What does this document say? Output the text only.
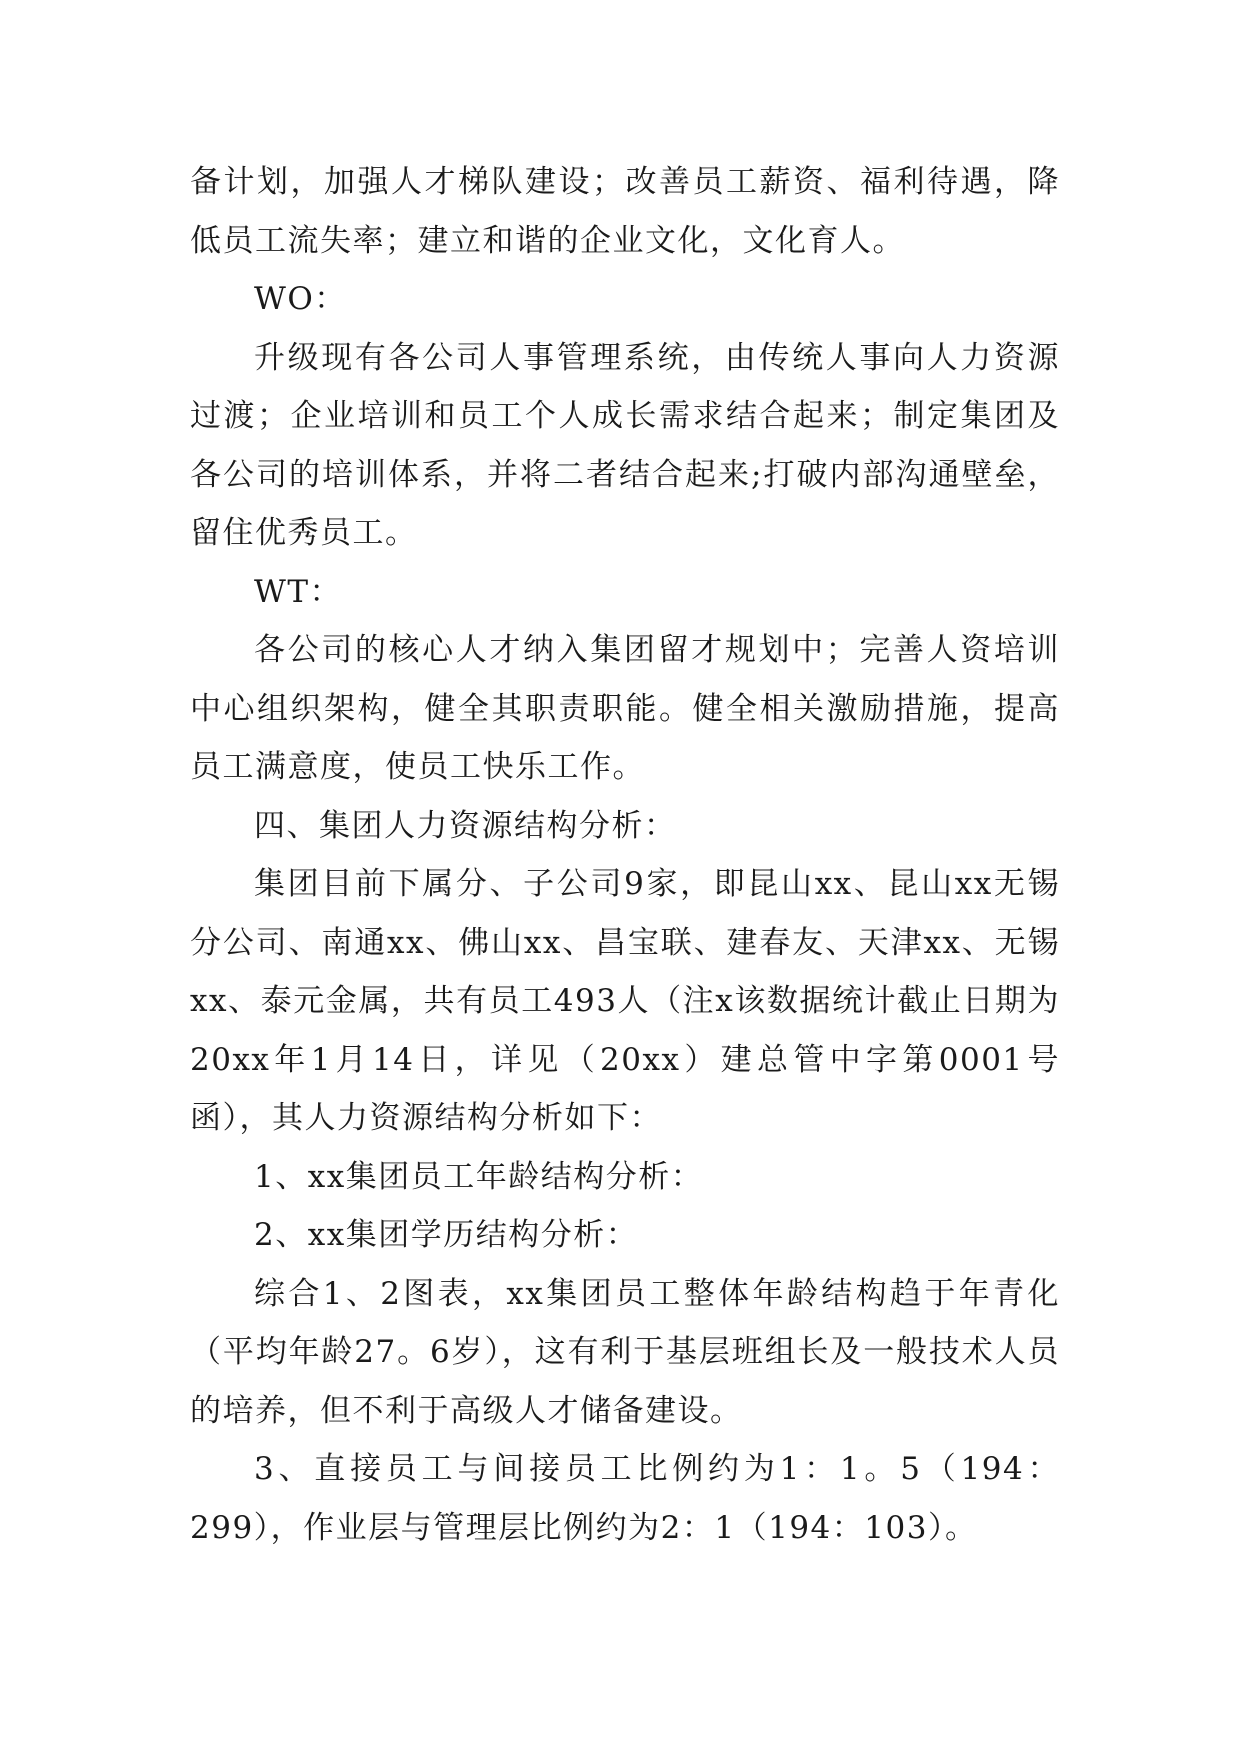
备计划，加强人才梯队建设；改善员工薪资、福利待遇，降低员工流失率；建立和谐的企业文化，文化育人。

WO：

升级现有各公司人事管理系统，由传统人事向人力资源过渡；企业培训和员工个人成长需求结合起来；制定集团及各公司的培训体系，并将二者结合起来;打破内部沟通壁垒，留住优秀员工。

WT：

各公司的核心人才纳入集团留才规划中；完善人资培训中心组织架构，健全其职责职能。健全相关激励措施，提高员工满意度，使员工快乐工作。

四、集团人力资源结构分析：

集团目前下属分、子公司9家，即昆山xx、昆山xx无锡分公司、南通xx、佛山xx、昌宝联、建春友、天津xx、无锡xx、泰元金属，共有员工493人（注x该数据统计截止日期为20xx年1月14日，详见（20xx）建总管中字第0001号函），其人力资源结构分析如下：

1、xx集团员工年龄结构分析：

2、xx集团学历结构分析：

综合1、2图表，xx集团员工整体年龄结构趋于年青化（平均年龄27。6岁），这有利于基层班组长及一般技术人员的培养，但不利于高级人才储备建设。

3、直接员工与间接员工比例约为1：1。5（194：299），作业层与管理层比例约为2：1（194：103）。
